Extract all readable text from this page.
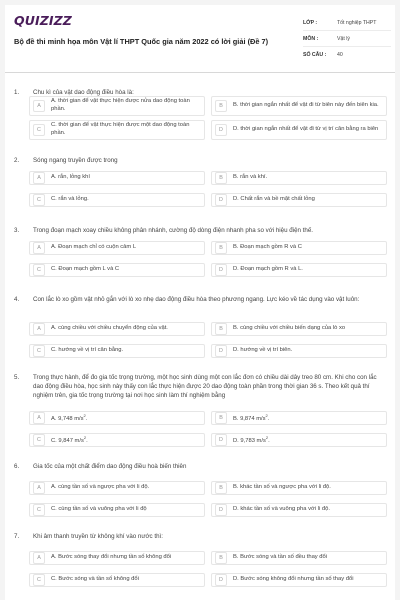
QUIZIZZ
Bộ đề thi minh họa môn Vật lí THPT Quốc gia năm 2022 có lời giải (Đề 7)
LỚP :	Tốt nghiệp THPT
MÔN :	Vật lý
SỐ CÂU :	40
1. Chu kì của vật dao động điều hòa là:
A
A. thời gian để vật thực hiện được nửa dao động toàn phần.	B	B. thời gian ngắn nhất để vật đi từ biên này đến biên kia.
C
C. thời gian để vật thực hiện được một dao động toàn phần.	D	D. thời gian ngắn nhất để vật đi từ vị trí cân bằng ra biên
2. Sóng ngang truyền được trong
A	A. rắn, lỏng khí	B	B. rắn và khí.
C	C. rắn và lỏng.	D	D. Chất rắn và bề mặt chất lỏng
3. Trong đoạn mạch xoay chiều không phân nhánh, cường độ dòng điện nhanh pha so với hiệu điện thế.
A	A. Đoạn mạch chỉ có cuộn cảm L	B	B. Đoạn mạch gồm R và C
C	C. Đoạn mạch gồm L và C	D	D. Đoạn mạch gồm R và L.
4. Con lắc lò xo gồm vật nhỏ gắn với lò xo nhẹ dao động điều hòa theo phương ngang. Lực kéo về tác dụng vào vật luôn:
A	A. cùng chiều với chiều chuyển động của vật.	B	B. cùng chiều với chiều biến dạng của lò xo
C	C. hướng về vị trí cân bằng.	D	D. hướng về vị trí biên.
5. Trong thực hành, để đo gia tốc trọng trường, một học sinh dùng một con lắc đơn có chiều dài dây treo 80 cm. Khi cho con lắc dao động điều hòa, học sinh này thấy con lắc thực hiện được 20 dao động toàn phần trong thời gian 36 s. Theo kết quả thí nghiệm trên, gia tốc trọng trường tại nơi học sinh làm thí nghiệm bằng
A	A. 9,748 $m/s^2$.	B	B. 9,874 $m/s^2$.
C	C. 9,847 $m/s^2$.	D	D. 9,783 $m/s^2$.
6. Gia tốc của một chất điểm dao động điều hoà biến thiên
A	A. cùng tần số và ngược pha với li độ.	B	B. khác tần số và ngược pha với li độ.
C	C. cùng tần số và vuông pha với li độ	D	D. khác tần số và vuông pha với li độ.
7. Khi âm thanh truyền từ không khí vào nước thì:
A	A. Bước sóng thay đổi nhưng tần số không đổi	B	B. Bước sóng và tần số đều thay đổi
C	C. Bước sóng và tần số không đổi	D	D. Bước sóng không đổi nhưng tần số thay đổi
